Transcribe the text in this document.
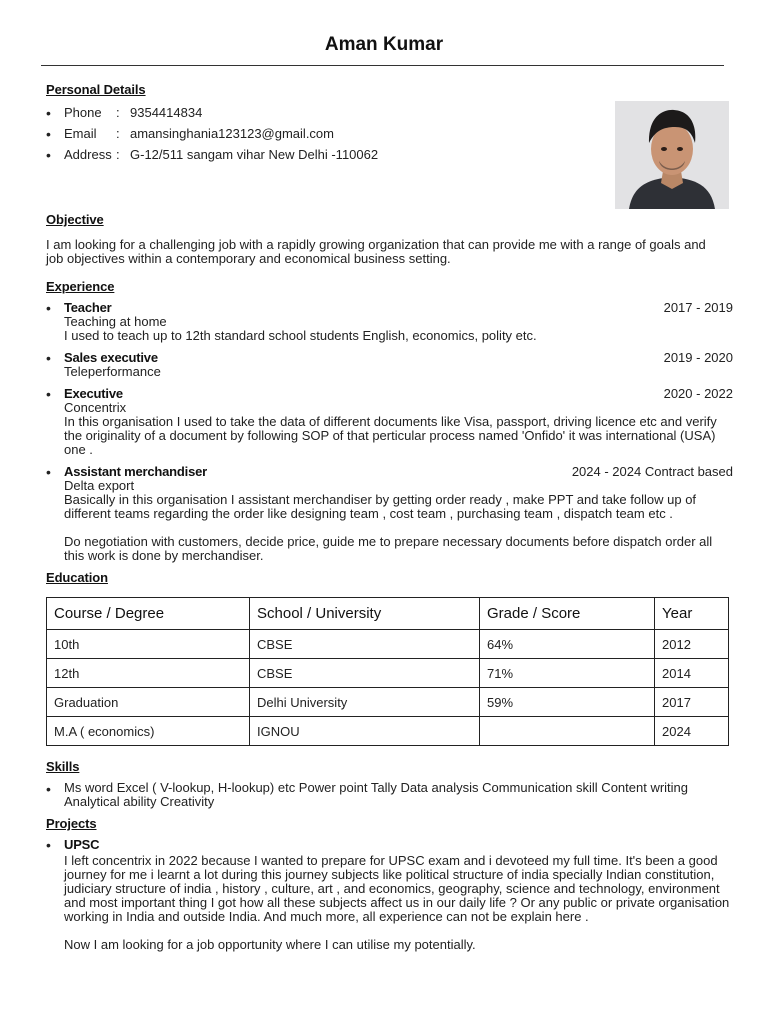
Aman Kumar
Personal Details
• Phone : 9354414834
• Email : amansinghania123123@gmail.com
• Address : G-12/511 sangam vihar New Delhi -110062
Objective
I am looking for a challenging job with a rapidly growing organization that can provide me with a range of goals and job objectives within a contemporary and economical business setting.
Experience
• Teacher	2017 - 2019
Teaching at home
I used to teach up to 12th standard school students English, economics, polity etc.
• Sales executive	2019 - 2020
Teleperformance
• Executive	2020 - 2022
Concentrix
In this organisation I used to take the data of different documents like Visa, passport, driving licence etc and verify the originality of a document by following SOP of that perticular process named 'Onfido' it was international (USA) one .
• Assistant merchandiser	2024 - 2024 Contract based
Delta export
Basically in this organisation I assistant merchandiser by getting order ready , make PPT and take follow up of different teams regarding the order like designing team , cost team , purchasing team , dispatch team etc .
Do negotiation with customers, decide price, guide me to prepare necessary documents before dispatch order all this work is done by merchandiser.
Education
Course / Degree	School / University	Grade / Score	Year
10th	CBSE	64%	2012
12th	CBSE	71%	2014
Graduation	Delhi University	59%	2017
M.A ( economics)	IGNOU		2024
Skills
• Ms word Excel ( V-lookup, H-lookup) etc Power point Tally Data analysis Communication skill Content writing Analytical ability Creativity
Projects
• UPSC
I left concentrix in 2022 because I wanted to prepare for UPSC exam and i devoteed my full time. It's been a good journey for me i learnt a lot during this journey subjects like political structure of india specially Indian constitution, judiciary structure of india , history , culture, art , and economics, geography, science and technology, environment and most important thing I got how all these subjects affect us in our daily life ? Or any public or private organisation working in India and outside India. And much more, all experience can not be explain here .
Now I am looking for a job opportunity where I can utilise my potentially.
